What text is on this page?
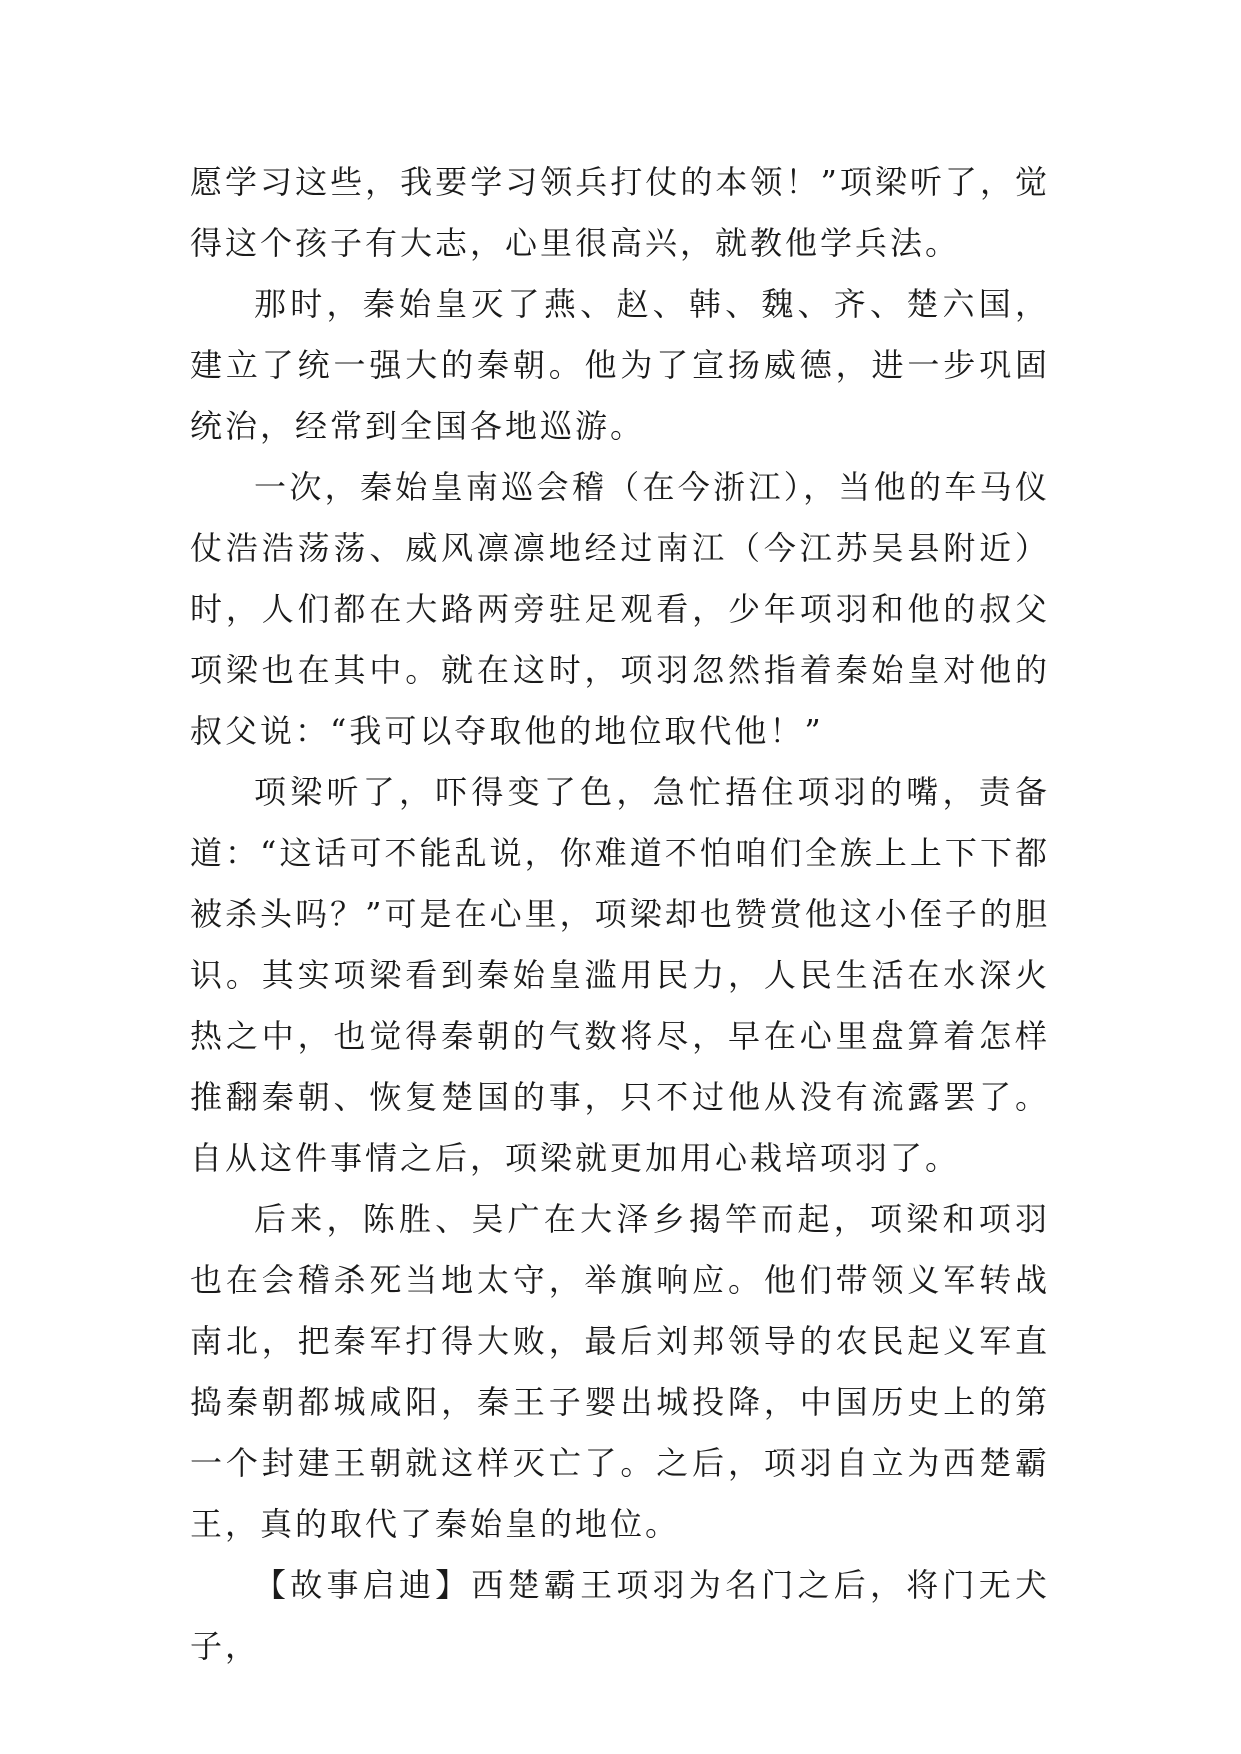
愿学习这些，我要学习领兵打仗的本领！”项梁听了，觉得这个孩子有大志，心里很高兴，就教他学兵法。

那时，秦始皇灭了燕、赵、韩、魏、齐、楚六国，建立了统一强大的秦朝。他为了宣扬威德，进一步巩固统治，经常到全国各地巡游。

一次，秦始皇南巡会稽（在今浙江），当他的车马仪仗浩浩荡荡、威风凛凛地经过南江（今江苏吴县附近）时，人们都在大路两旁驻足观看，少年项羽和他的叔父项梁也在其中。就在这时，项羽忽然指着秦始皇对他的叔父说：“我可以夺取他的地位取代他！”

项梁听了，吓得变了色，急忙捂住项羽的嘴，责备道：“这话可不能乱说，你难道不怕咱们全族上上下下都被杀头吗？”可是在心里，项梁却也赞赏他这小侄子的胆识。其实项梁看到秦始皇滥用民力，人民生活在水深火热之中，也觉得秦朝的气数将尽，早在心里盘算着怎样推翻秦朝、恢复楚国的事，只不过他从没有流露罢了。自从这件事情之后，项梁就更加用心栽培项羽了。

后来，陈胜、吴广在大泽乡揭竿而起，项梁和项羽也在会稽杀死当地太守，举旗响应。他们带领义军转战南北，把秦军打得大败，最后刘邦领导的农民起义军直捣秦朝都城咸阳，秦王子婴出城投降，中国历史上的第一个封建王朝就这样灭亡了。之后，项羽自立为西楚霸王，真的取代了秦始皇的地位。

【故事启迪】西楚霸王项羽为名门之后，将门无犬子，
